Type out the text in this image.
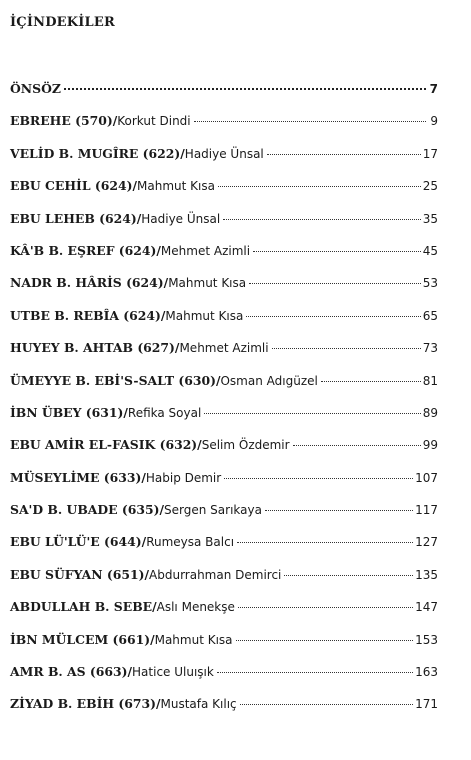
İÇİNDEKİLER
ÖNSÖZ	7
EBREHE (570)/ Korkut Dindi	9
VELİD B. MUGÎRE (622)/ Hadiye Ünsal	17
EBU CEHİL (624)/ Mahmut Kısa	25
EBU LEHEB (624)/ Hadiye Ünsal	35
KÂ'B B. EŞREF (624)/ Mehmet Azimli	45
NADR B. HÂRİS (624)/ Mahmut Kısa	53
UTBE B. REBÎA (624)/ Mahmut Kısa	65
HUYEY B. AHTAB (627)/ Mehmet Azimli	73
ÜMEYYE B. EBİ'S-SALT (630)/ Osman Adıgüzel	81
İBN ÜBEY (631)/ Refika Soyal	89
EBU AMİR EL-FASIK (632)/ Selim Özdemir	99
MÜSEYLİME (633)/ Habip Demir	107
SA'D B. UBADE (635)/ Sergen Sarıkaya	117
EBU LÜ'LÜ'E (644)/ Rumeysa Balcı	127
EBU SÜFYAN (651)/ Abdurrahman Demirci	135
ABDULLAH B. SEBE/ Aslı Menekşe	147
İBN MÜLCEM (661)/ Mahmut Kısa	153
AMR B. AS (663)/ Hatice Uluışık	163
ZİYAD B. EBİH (673)/ Mustafa Kılıç	171
